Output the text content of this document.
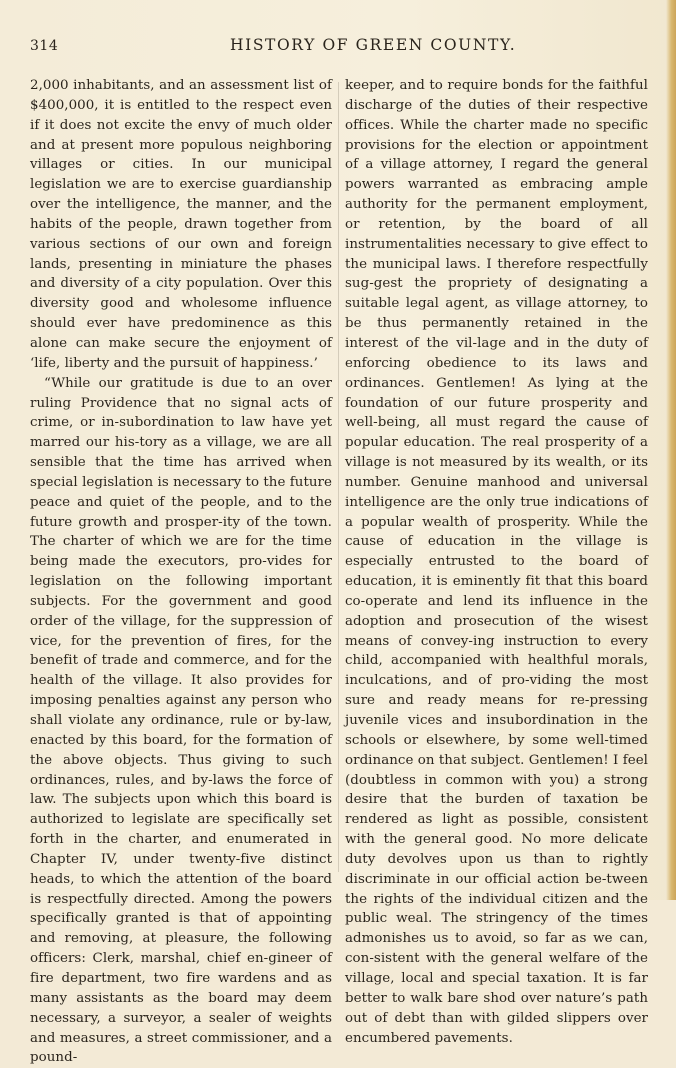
314	HISTORY OF GREEN COUNTY.

2,000 inhabitants, and an assessment list of $400,000, it is entitled to the respect even if it does not excite the envy of much older and at present more populous neighboring villages or cities. In our municipal legislation we are to exercise guardianship over the intelligence, the manner, and the habits of the people, drawn together from various sections of our own and foreign lands, presenting in miniature the phases and diversity of a city population. Over this diversity good and wholesome influence should ever have predominence as this alone can make secure the enjoyment of ‘life, liberty and the pursuit of happiness.’

“While our gratitude is due to an over ruling Providence that no signal acts of crime, or in-subordination to law have yet marred our his-tory as a village, we are all sensible that the time has arrived when special legislation is necessary to the future peace and quiet of the people, and to the future growth and prosper-ity of the town. The charter of which we are for the time being made the executors, pro-vides for legislation on the following important subjects. For the government and good order of the village, for the suppression of vice, for the prevention of fires, for the benefit of trade and commerce, and for the health of the village. It also provides for imposing penalties against any person who shall violate any ordinance, rule or by-law, enacted by this board, for the formation of the above objects. Thus giving to such ordinances, rules, and by-laws the force of law. The subjects upon which this board is authorized to legislate are specifically set forth in the charter, and enumerated in Chapter IV, under twenty-five distinct heads, to which the attention of the board is respectfully directed. Among the powers specifically granted is that of appointing and removing, at pleasure, the following officers: Clerk, marshal, chief en-gineer of fire department, two fire wardens and as many assistants as the board may deem necessary, a surveyor, a sealer of weights and measures, a street commissioner, and a pound-

keeper, and to require bonds for the faithful discharge of the duties of their respective offices. While the charter made no specific provisions for the election or appointment of a village attorney, I regard the general powers warranted as embracing ample authority for the permanent employment, or retention, by the board of all instrumentalities necessary to give effect to the municipal laws. I therefore respectfully sug-gest the propriety of designating a suitable legal agent, as village attorney, to be thus permanently retained in the interest of the vil-lage and in the duty of enforcing obedience to its laws and ordinances. Gentlemen! As lying at the foundation of our future prosperity and well-being, all must regard the cause of popular education. The real prosperity of a village is not measured by its wealth, or its number. Genuine manhood and universal intelligence are the only true indications of a popular wealth of prosperity. While the cause of education in the village is especially entrusted to the board of education, it is eminently fit that this board co-operate and lend its influence in the adoption and prosecution of the wisest means of convey-ing instruction to every child, accompanied with healthful morals, inculcations, and of pro-viding the most sure and ready means for re-pressing juvenile vices and insubordination in the schools or elsewhere, by some well-timed ordinance on that subject. Gentlemen! I feel (doubtless in common with you) a strong desire that the burden of taxation be rendered as light as possible, consistent with the general good. No more delicate duty devolves upon us than to rightly discriminate in our official action be-tween the rights of the individual citizen and the public weal. The stringency of the times admonishes us to avoid, so far as we can, con-sistent with the general welfare of the village, local and special taxation. It is far better to walk bare shod over nature’s path out of debt than with gilded slippers over encumbered pavements.
